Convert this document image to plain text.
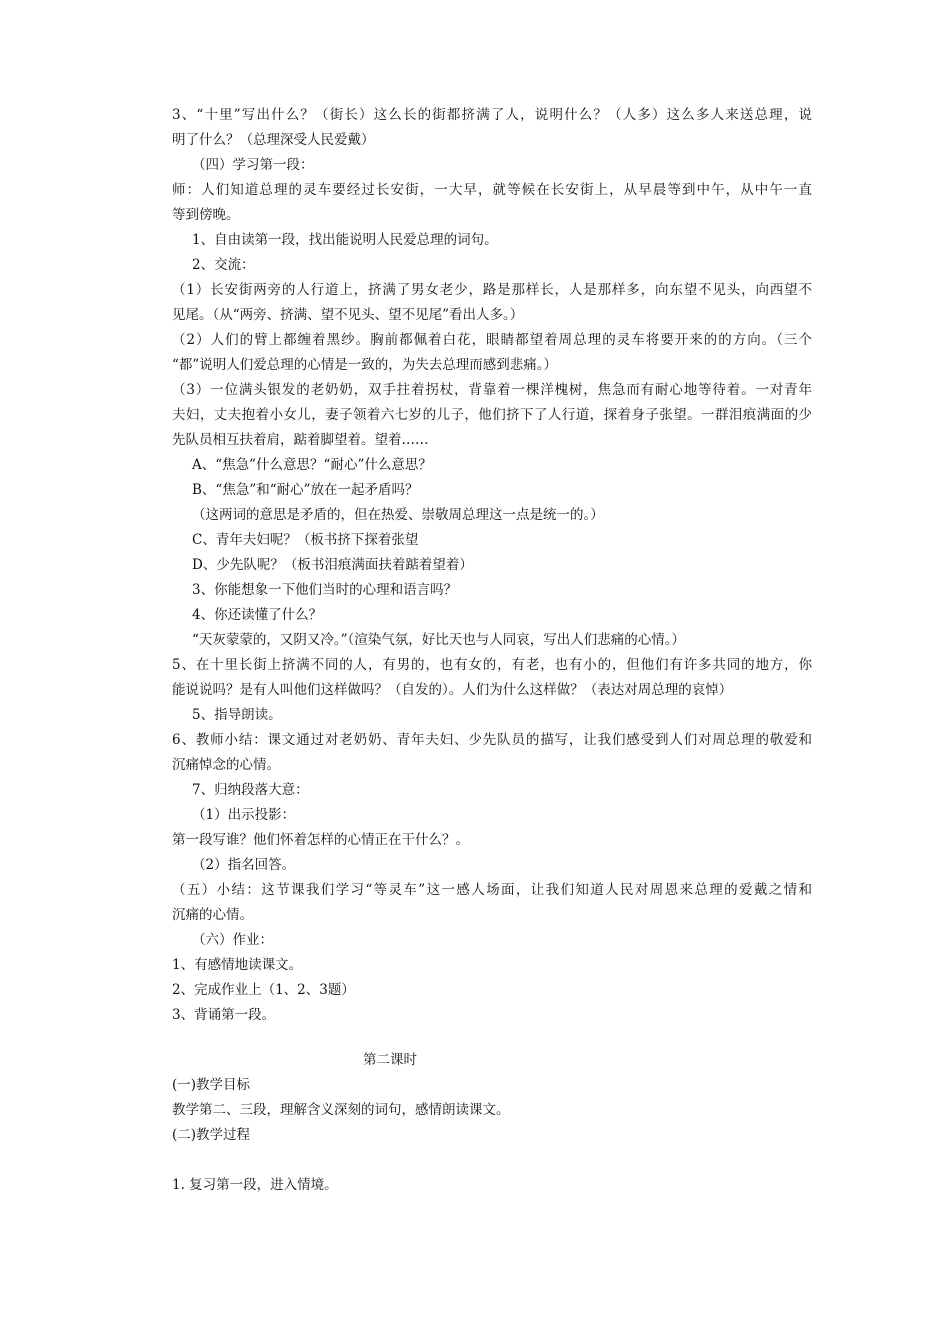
3、“十里”写出什么？（街长）这么长的街都挤满了人，说明什么？（人多）这么多人来送总理，说
明了什么？（总理深受人民爱戴）
（四）学习第一段：
师：人们知道总理的灵车要经过长安街，一大早，就等候在长安街上，从早晨等到中午，从中午一直
等到傍晚。
1、自由读第一段，找出能说明人民爱总理的词句。
2、交流：
（1）长安街两旁的人行道上，挤满了男女老少，路是那样长，人是那样多，向东望不见头，向西望不
见尾。（从“两旁、挤满、望不见头、望不见尾”看出人多。）
（2）人们的臂上都缠着黑纱。胸前都佩着白花，眼睛都望着周总理的灵车将要开来的的方向。（三个
“都”说明人们爱总理的心情是一致的，为失去总理而感到悲痛。）
（3）一位满头银发的老奶奶，双手拄着拐杖，背靠着一棵洋槐树，焦急而有耐心地等待着。一对青年
夫妇，丈夫抱着小女儿，妻子领着六七岁的儿子，他们挤下了人行道，探着身子张望。一群泪痕满面的少
先队员相互扶着肩，踮着脚望着。望着……
A、“焦急”什么意思？“耐心”什么意思？
B、“焦急”和“耐心”放在一起矛盾吗？
（这两词的意思是矛盾的，但在热爱、崇敬周总理这一点是统一的。）
C、青年夫妇呢？（板书挤下探着张望
D、少先队呢？（板书泪痕满面扶着踮着望着）
3、你能想象一下他们当时的心理和语言吗？
4、你还读懂了什么？
“天灰蒙蒙的，又阴又冷。”（渲染气氛，好比天也与人同哀，写出人们悲痛的心情。）
5、在十里长街上挤满不同的人，有男的，也有女的，有老，也有小的，但他们有许多共同的地方，你
能说说吗？是有人叫他们这样做吗？（自发的）。人们为什么这样做？（表达对周总理的哀悼）
5、指导朗读。
6、教师小结：课文通过对老奶奶、青年夫妇、少先队员的描写，让我们感受到人们对周总理的敬爱和
沉痛悼念的心情。
7、归纳段落大意：
（1）出示投影：
第一段写谁？他们怀着怎样的心情正在干什么？。
（2）指名回答。
（五）小结：这节课我们学习“等灵车”这一感人场面，让我们知道人民对周恩来总理的爱戴之情和
沉痛的心情。
（六）作业：
1、有感情地读课文。
2、完成作业上（1、2、3题）
3、背诵第一段。
第二课时
(一)教学目标
教学第二、三段，理解含义深刻的词句，感情朗读课文。
(二)教学过程
1. 复习第一段，进入情境。
